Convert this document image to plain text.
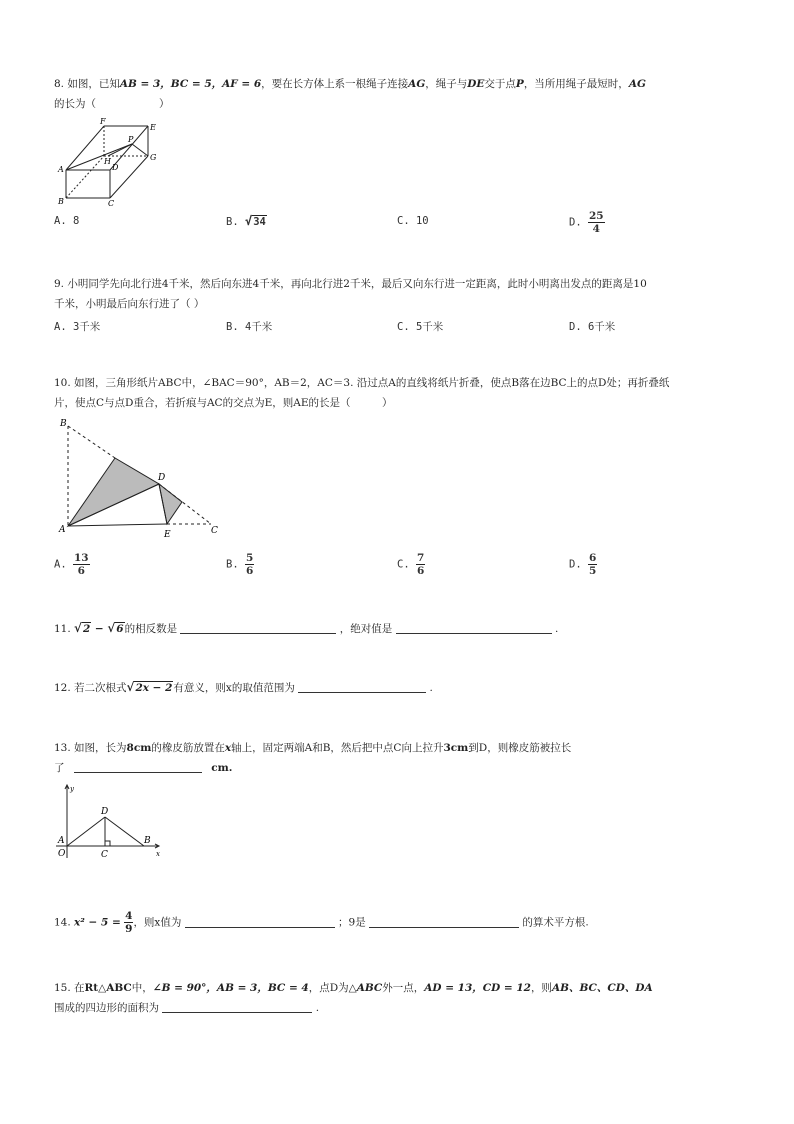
8. 如图，已知AB = 3，BC = 5，AF = 6，要在长方体上系一根绳子连接AG，绳子与DE交于点P，当所用绳子最短时，AG
的长为（　　　　　　）
F
E
P
A
H
D
G
B	C
A. 8	B. √34	C. 10	D. $\frac{25}{4}$
9. 小明同学先向北行进4千米，然后向东进4千米，再向北行进2千米，最后又向东行进一定距离，此时小明离出发点的距离是10
千米，小明最后向东行进了（ ）
A. 3千米	B. 4千米	C. 5千米	D. 6千米
10. 如图，三角形纸片ABC中，∠BAC＝90°，AB＝2，AC＝3. 沿过点A的直线将纸片折叠，使点B落在边BC上的点D处；再折叠纸
片，使点C与点D重合，若折痕与AC的交点为E，则AE的长是（　　　）
B
D
A	E	C
A. $\frac{13}{6}$	B. $\frac{5}{6}$	C. $\frac{7}{6}$	D. $\frac{6}{5}$
11. √2 − √6的相反数是	，绝对值是	.
12. 若二次根式√2x − 2有意义，则x的取值范围为	.
13. 如图，长为8cm的橡皮筋放置在x轴上，固定两端A和B，然后把中点C向上拉升3cm到D，则橡皮筋被拉长
了	cm.
y
D
A	B
O	C	x
14. $x^2 - 5 = \frac{4}{9}$ ，则x值为	；9是	的算术平方根.
15. 在Rt△ABC中，∠B = 90°，AB = 3，BC = 4，点D为△ABC外一点，AD = 13，CD = 12，则AB、BC、CD、DA
围成的四边形的面积为	.
